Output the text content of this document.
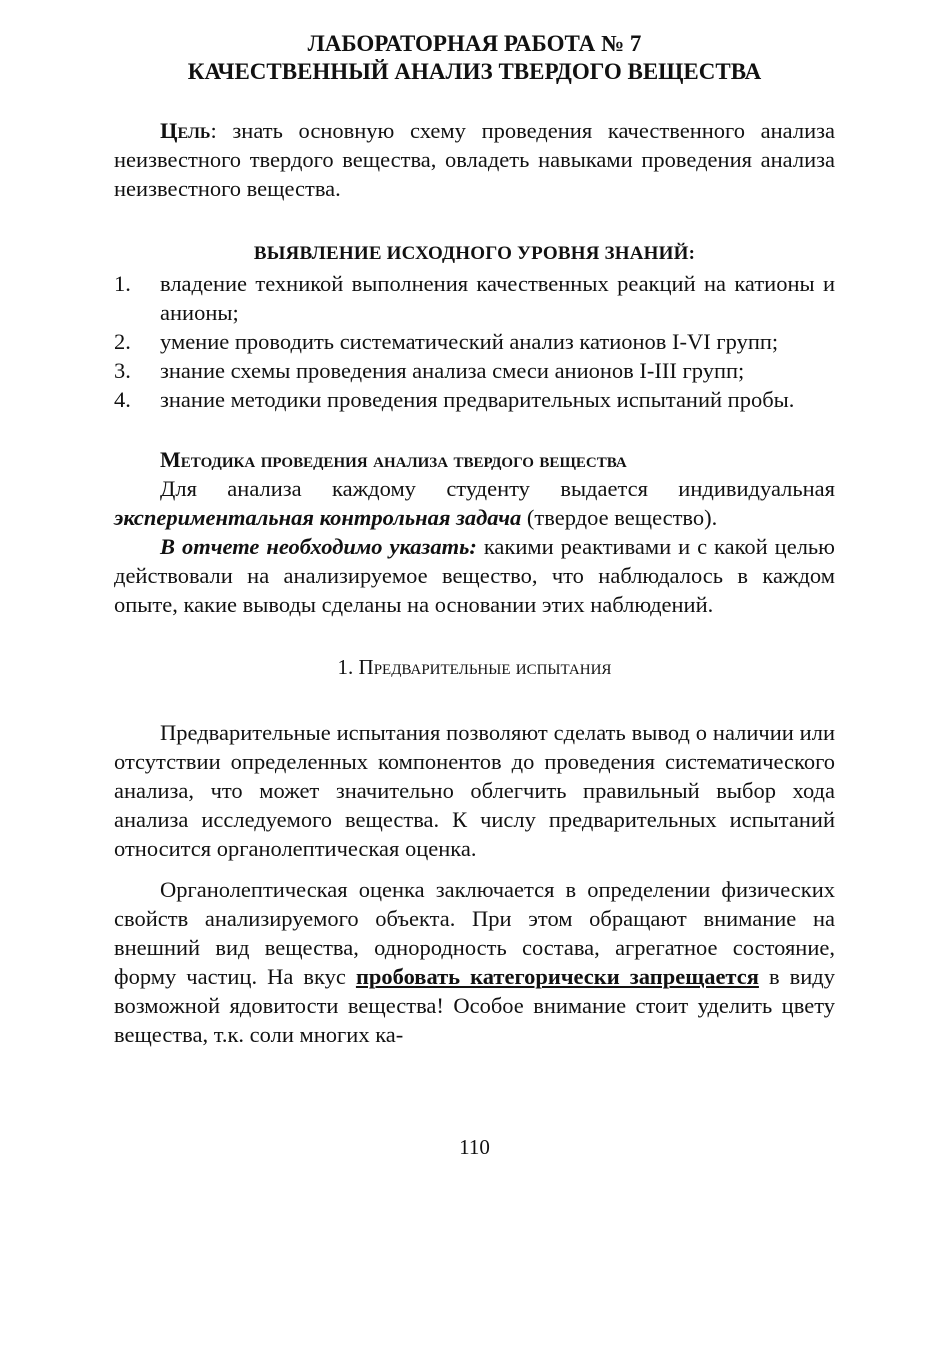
ЛАБОРАТОРНАЯ РАБОТА № 7
КАЧЕСТВЕННЫЙ АНАЛИЗ ТВЕРДОГО ВЕЩЕСТВА

Цель: знать основную схему проведения качественного анализа неизвестного твердого вещества, овладеть навыками проведения анализа неизвестного вещества.

ВЫЯВЛЕНИЕ ИСХОДНОГО УРОВНЯ ЗНАНИЙ:
1. владение техникой выполнения качественных реакций на катионы и анионы;
2. умение проводить систематический анализ катионов I-VI групп;
3. знание схемы проведения анализа смеси анионов I-III групп;
4. знание методики проведения предварительных испытаний пробы.
Методика проведения анализа твердого вещества

Для анализа каждому студенту выдается индивидуальная экспериментальная контрольная задача (твердое вещество).

В отчете необходимо указать: какими реактивами и с какой целью действовали на анализируемое вещество, что наблюдалось в каждом опыте, какие выводы сделаны на основании этих наблюдений.

1. Предварительные испытания

Предварительные испытания позволяют сделать вывод о наличии или отсутствии определенных компонентов до проведения систематического анализа, что может значительно облегчить правильный выбор хода анализа исследуемого вещества. К числу предварительных испытаний относится органолептическая оценка.

Органолептическая оценка заключается в определении физических свойств анализируемого объекта. При этом обращают внимание на внешний вид вещества, однородность состава, агрегатное состояние, форму частиц. На вкус пробовать категорически запрещается в виду возможной ядовитости вещества! Особое внимание стоит уделить цвету вещества, т.к. соли многих ка-

110
